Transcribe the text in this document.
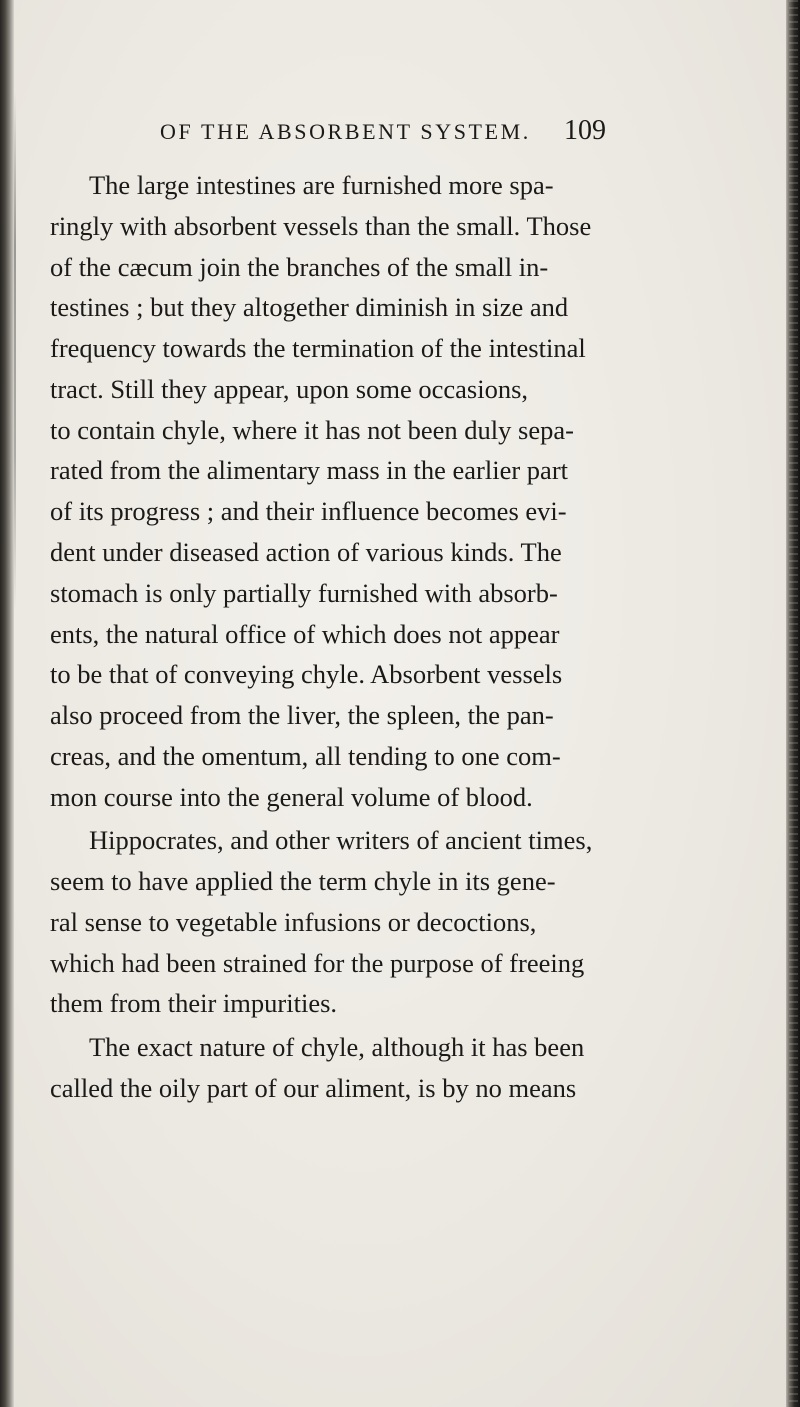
OF THE ABSORBENT SYSTEM. 109
The large intestines are furnished more spa-
ringly with absorbent vessels than the small. Those
of the cæcum join the branches of the small in-
testines ; but they altogether diminish in size and
frequency towards the termination of the intestinal
tract. Still they appear, upon some occasions,
to contain chyle, where it has not been duly sepa-
rated from the alimentary mass in the earlier part
of its progress ; and their influence becomes evi-
dent under diseased action of various kinds. The
stomach is only partially furnished with absorb-
ents, the natural office of which does not appear
to be that of conveying chyle. Absorbent vessels
also proceed from the liver, the spleen, the pan-
creas, and the omentum, all tending to one com-
mon course into the general volume of blood.
Hippocrates, and other writers of ancient times,
seem to have applied the term chyle in its gene-
ral sense to vegetable infusions or decoctions,
which had been strained for the purpose of freeing
them from their impurities.
The exact nature of chyle, although it has been
called the oily part of our aliment, is by no means
